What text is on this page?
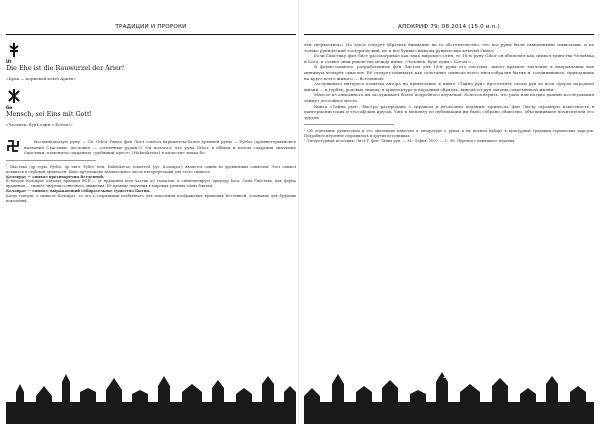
ТРАДИЦИИ И ПРОРОКИ

Ut

Die Ehe ist die Rauwurzel der Arier!

«Брак — корневой ключ Ариев»

Ge

Mensch, sei Eins mit Gott!

«Человек, будь един с Богом!»

Восемнадцатую руну — Ge, Gibor Гвидо фон Лист считал вариантом более древней руны — Fyrfos (древнегерманское название Свастики, дословно — «огненные ручки»). Он полагал, что руна Gibor, в общем и целом сохранив значение Свастики, изменила сохранить «рубящий крест» (Hakenkreuz) в качестве знака бо-

¹ Свастика (др.-герм. Fyrfos, др.-англ. Fylfot, нем. Hakenkreuz, tomerrod, рус. Коловрат), является одним из древнейших символов. Этот символ появился в глубокой древности. Было предложено значительное число интерпретаций для этого символа.

Коловрат — символ противоречия Вселенной.

В начале Коловрат означал принцип ВСЁ — от вращения всех частиц до галактик, и символизирует природу Бога. Сама Свастика, как форма вращения — символ энергии солнечного движения. Её древние значения в мировых учениях очень близки.

Коловрат — символ, выражающий собирательное существо Бытия.

Когда говорят о символе Коловрат, то это о сохранении необычного для поколений изображения вращения Вселенной, основание для будущих поколений.

142
АПОКРИФ 79: 08.2014 (15.0 и.п.)

лек сверхального. Но здесь следует обратить внимание на то обстоятельство, что все руны были священными символами, и не только рунический эзотерический, но и все буквы-символы рунических ключей Гвидо.

Если Свастику фон Лист рассматривал как знак мирового огня, то 18-ю руну Gibor он объяснял как символ единства Человека и Бога, и ставил знак равенства между ними: «Человек, будь един с Богом!».

В форме-символе, разработанные фон Листом для 18-й руны его системы, имеет краткое значение в направлении как минимум четырёх смыслов. Её следует понимать как сочетание символа всего многообразия бытия и, соединившись, приходящих на круге всего живого — Вселенной.

Заслуживает интереса попытка автора на примечание к книге «Тайна рун» проследить следы рун во всех сферах народной жизни — в гербах, родовых знаках, в архитектуре и народных обрядах, выводя из рун законы современной жизни.

Многое из описанного им заслуживает более подробного изучения. Хочется верить, что рано или поздно данные исследования займут достойное место.

Книга «Тайна рун», быстро распродана с тиражом в несколько изданий, принесла фон Листу огромную известность в пангерманистских и теософских кругах. Уже к моменту ее публикации им было собрано общество, объединившее почитателей его трудов.

¹ Об отдельных руническом и его значениях известно в литературе о рунах и их полном наборе в культурной традиции германских народов. Подробное изучение сохранилось в других источниках.

² Литературный источник: Лист Г. фон. Тайна рун. — М.: Софья, 2007. — С. 96. Перевод с немецкого издания.

143
